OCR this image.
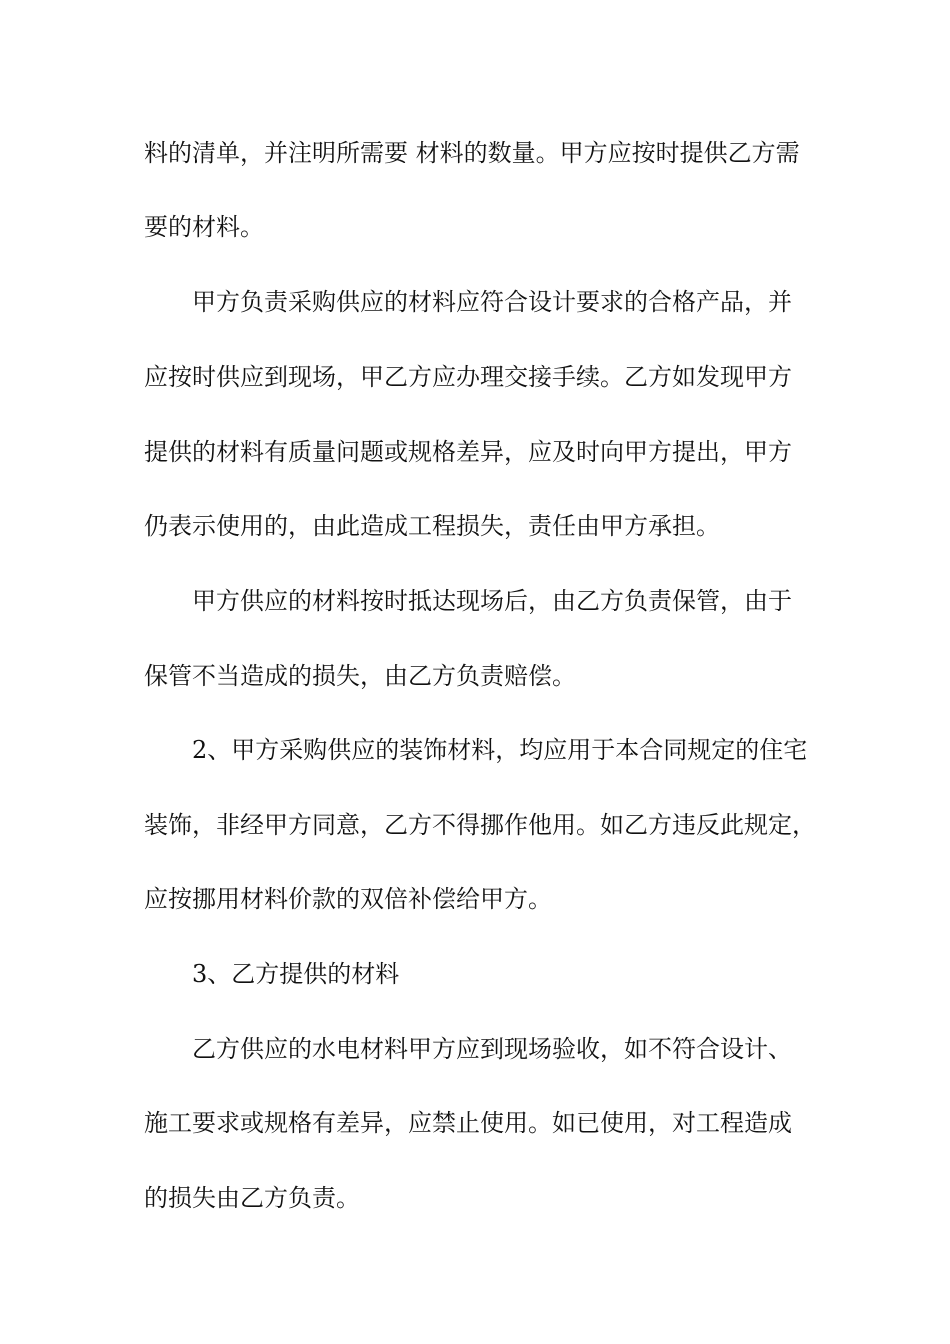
料的清单，并注明所需要 材料的数量。甲方应按时提供乙方需
要的材料。
甲方负责采购供应的材料应符合设计要求的合格产品，并
应按时供应到现场，甲乙方应办理交接手续。乙方如发现甲方
提供的材料有质量问题或规格差异，应及时向甲方提出，甲方
仍表示使用的，由此造成工程损失，责任由甲方承担。
甲方供应的材料按时抵达现场后，由乙方负责保管，由于
保管不当造成的损失，由乙方负责赔偿。
2、甲方采购供应的装饰材料，均应用于本合同规定的住宅
装饰，非经甲方同意，乙方不得挪作他用。如乙方违反此规定，
应按挪用材料价款的双倍补偿给甲方。
3、乙方提供的材料
乙方供应的水电材料甲方应到现场验收，如不符合设计、
施工要求或规格有差异，应禁止使用。如已使用，对工程造成
的损失由乙方负责。
